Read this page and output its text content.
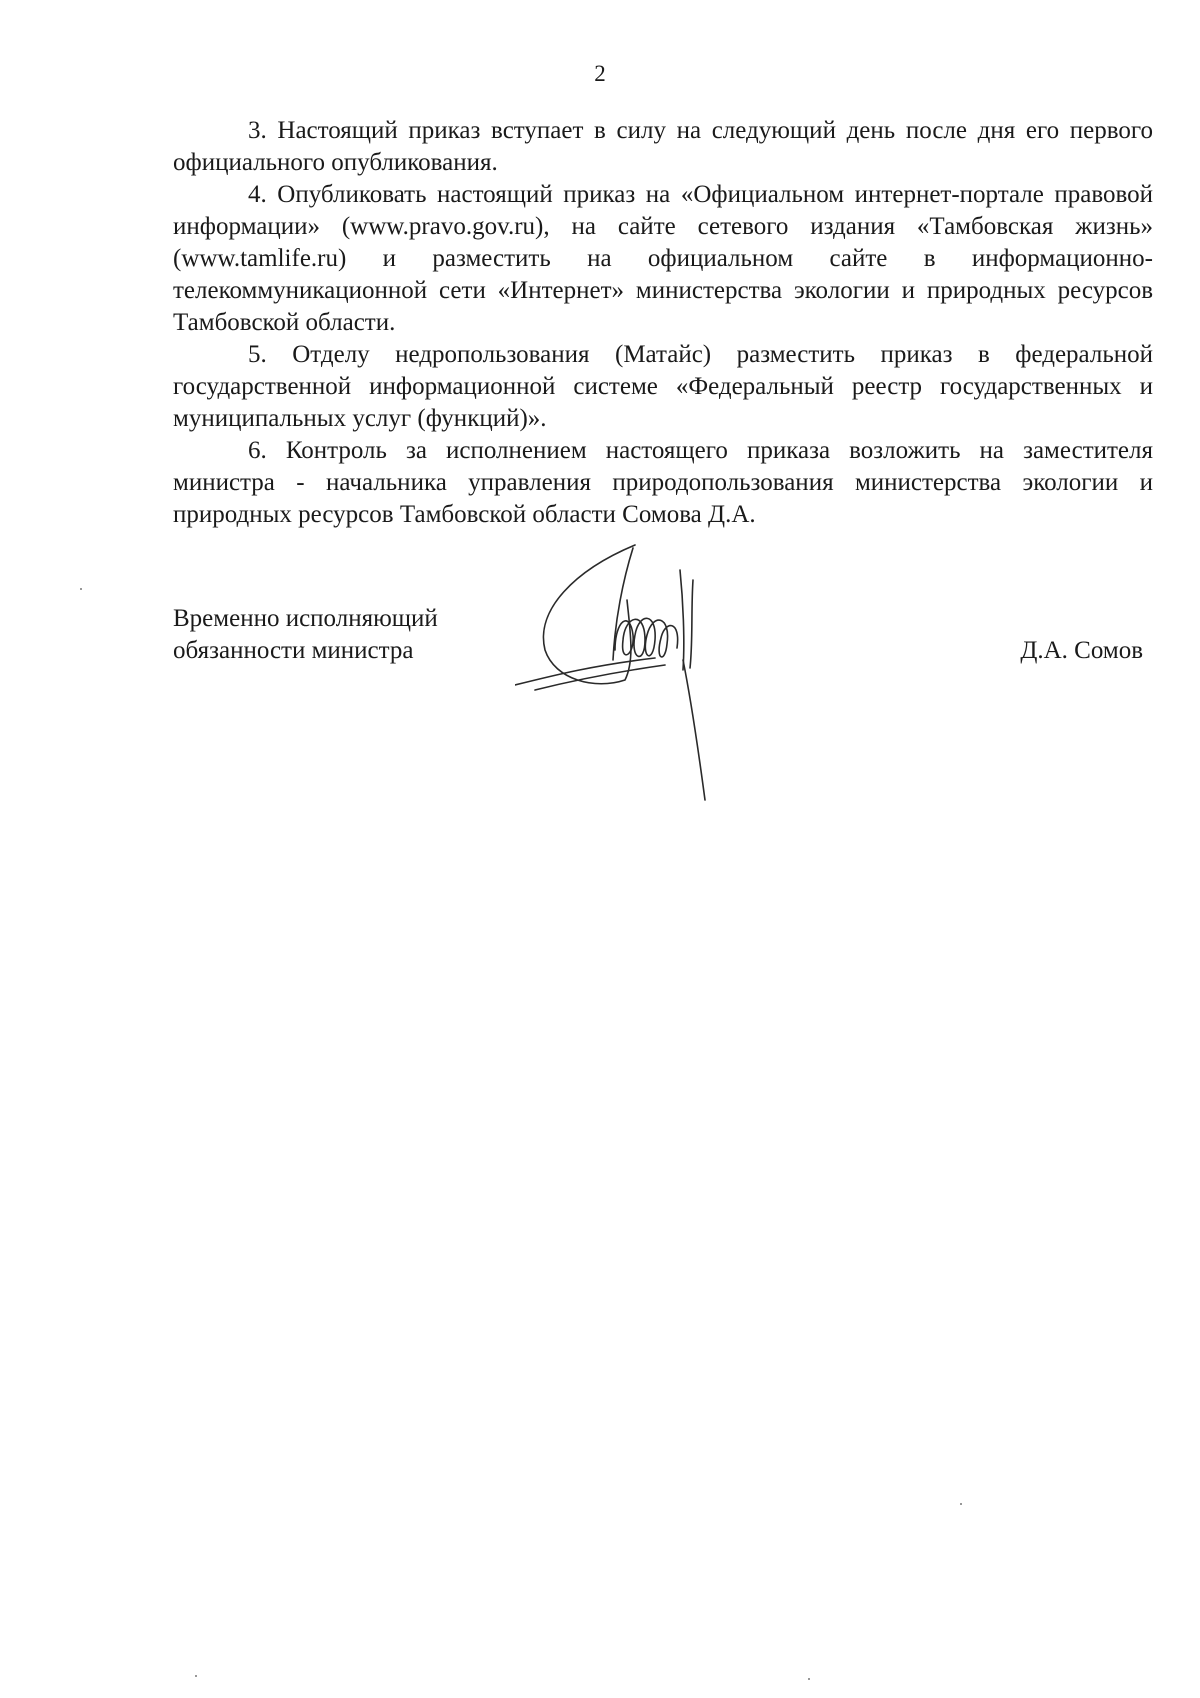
2

3. Настоящий приказ вступает в силу на следующий день после дня его первого официального опубликования.

4. Опубликовать настоящий приказ на «Официальном интернет-портале правовой информации» (www.pravo.gov.ru), на сайте сетевого издания «Тамбовская жизнь» (www.tamlife.ru) и разместить на официальном сайте в информационно-телекоммуникационной сети «Интернет» министерства экологии и природных ресурсов Тамбовской области.

5. Отделу недропользования (Матайс) разместить приказ в федеральной государственной информационной системе «Федеральный реестр государственных и муниципальных услуг (функций)».

6. Контроль за исполнением настоящего приказа возложить на заместителя министра - начальника управления природопользования министерства экологии и природных ресурсов Тамбовской области Сомова Д.А.

Временно исполняющий
обязанности министра	Д.А. Сомов
